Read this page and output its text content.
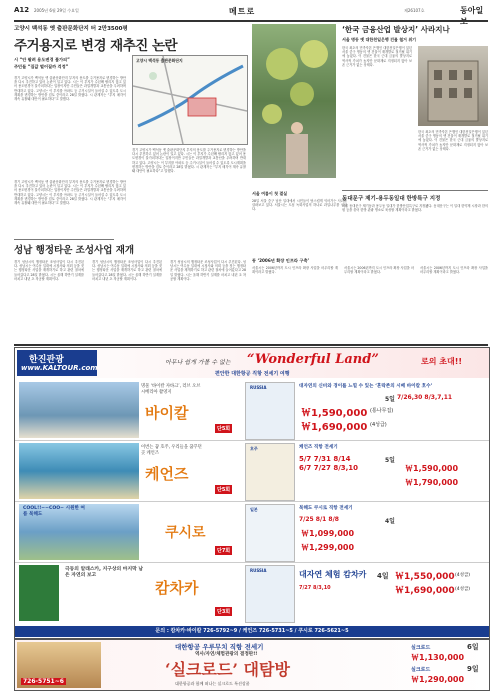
A12 2005년 6월 29일 수요일	메트로	제26107호	동아일
고양시 백석동 옛 출판문화단지 터 2만3500평
주거용지로 변경 재추진 논란
시 “안 팔려 용도변경 불가피”
주민들 “집값 떨어질까 걱정”
고양시 백석동 출판문화단지
경기 고양시가 백석동 옛 출판문화단지 부지의 용도를 주거용지로 변경하는 방안을 다시 추진하고 있어 논란이 일고 있다. 시는 이 부지가 수년째 팔리지 않고 있어 용도변경이 불가피하다는 입장이지만 주민들은 과밀개발과 교통난을 우려하며 반대하고 있다. 고양시는 이 부지를 아파트 등 주거시설이 들어설 수 있도록 도시계획을 변경하는 방안을 검토 중이라고 28일 밝혔다. 시 관계자는 “부지 매각이 계속 유찰돼 대안이 필요하다”고 말했다.
경기 고양시가 백석동 옛 출판문화단지 부지의 용도를 주거용지로 변경하는 방안을 다시 추진하고 있어 논란이 일고 있다. 시는 이 부지가 수년째 팔리지 않고 있어 용도변경이 불가피하다는 입장이지만 주민들은 과밀개발과 교통난을 우려하며 반대하고 있다. 고양시는 이 부지를 아파트 등 주거시설이 들어설 수 있도록 도시계획을 변경하는 방안을 검토 중이라고 28일 밝혔다. 시 관계자는 “부지 매각이 계속 유찰돼 대안이 필요하다”고 말했다.
경기 고양시가 백석동 옛 출판문화단지 부지의 용도를 주거용지로 변경하는 방안을 다시 추진하고 있어 논란이 일고 있다. 시는 이 부지가 수년째 팔리지 않고 있어 용도변경이 불가피하다는 입장이지만 주민들은 과밀개발과 교통난을 우려하며 반대하고 있다. 고양시는 이 부지를 아파트 등 주거시설이 들어설 수 있도록 도시계획을 변경하는 방안을 검토 중이라고 28일 밝혔다. 시 관계자는 “부지 매각이 계속 유찰돼 대안이 필요하다”고 말했다.
성남 행정타운 조성사업 재개
경기 성남시의 행정타운 조성사업이 다시 추진된다. 성남시는 여수동 일대에 시청사와 의회 등을 짓는 행정타운 사업을 재개하기로 하고 관련 절차에 들어갔다고 28일 밝혔다. 시는 올해 하반기 설계를 마치고 내년 초 착공할 계획이다.
경기 성남시의 행정타운 조성사업이 다시 추진된다. 성남시는 여수동 일대에 시청사와 의회 등을 짓는 행정타운 사업을 재개하기로 하고 관련 절차에 들어갔다고 28일 밝혔다. 시는 올해 하반기 설계를 마치고 내년 초 착공할 계획이다.
경기 성남시의 행정타운 조성사업이 다시 추진된다. 성남시는 여수동 일대에 시청사와 의회 등을 짓는 행정타운 사업을 재개하기로 하고 관련 절차에 들어갔다고 28일 밝혔다. 시는 올해 하반기 설계를 마치고 내년 초 착공할 계획이다.
서울 여름이 첫 결실
28일 서울 중구 남산 일대에서 시민들이 탐스럽게 익어가는 사과를 살펴보고 있다. 서울시는 도심 녹화사업의 하나로 과일나무를 심었다.
‘한국 금융산업 발상지’ 사라지나
서울 명동 옛 대한천일은행 건물 철거 위기
한국 최초의 민족자본 은행인 대한천일은행이 있던 서울 중구 명동의 옛 건물이 재개발로 철거될 위기에 놓였다. 이 건물은 한국 근대 금융의 발상지로 역사적 가치가 높지만 문화재로 지정되지 않아 보존 근거가 없는 상태다.
한국 최초의 민족자본 은행인 대한천일은행이 있던 서울 중구 명동의 옛 건물이 재개발로 철거될 위기에 놓였다. 이 건물은 한국 근대 금융의 발상지로 역사적 가치가 높지만 문화재로 지정되지 않아 보존 근거가 없는 상태다.
동대문구 제기-용두동일대 한방특구 지정
서울 동대문구 제기동과 용두동 일대가 한방산업특구로 지정됐다. 동대문구는 이 일대 한약재 시장과 한의원 등을 묶어 한방 관광 명소로 육성할 계획이라고 밝혔다.
동 ‘2006년 확장 인프라 구축’
서울시는 2006년까지 도시 인프라 확장 사업을 마무리할 계획이라고 밝혔다.
서울시는 2006년까지 도시 인프라 확장 사업을 마무리할 계획이라고 밝혔다.
서울시는 2006년까지 도시 인프라 확장 사업을 마무리할 계획이라고 밝혔다.
한진관광
www.KALTOUR.com
아무나 쉽게 가볼 수 없는 “Wonderful Land”	로의 초대!!
편안한 대한항공 직항 전세기 여행
명물 ‘바이칼 자바크’, 러브 오브 시베리아 촬영지
바이칼
단5회
RUSSIA	대자연의 신비와 경이를 느낄 수 있는 ‘혼락존의 시베 바이칼 호수’
7/26,30 8/3,7,11
5일
￦1,590,000 (통나무집)
￦1,690,000 (4성급)
이번는 꿈 호주, 우리들을 꿈꾸던 곳 케언즈
케언즈
단5회
호주	케언즈 직항 전세기
5/7 7/31 8/14 6/7 7/27 8/3,10
5일
￦1,590,000
￦1,790,000
COOL!!~~COO~ 시원한 여름 북해도
쿠시로
단7회
일본	북해도 쿠시로 직항 전세기
7/25 8/1 8/8	4일
￦1,099,000
￦1,299,000
극동의 알래스카, 지구상의 마지막 남은 자연의 보고
캄차카
단3회
RUSSIA	대자연 체험 캄차카
7/27 8/3,10
4일 ￦1,550,000 (4성급)
￦1,690,000 (4성급)
문의 : 캄차카·바이칼 726-5792~9 / 케언즈 726-5731~5 / 쿠시로 726-5621~5
726-5751~6
대한항공 우루무치 직항 전세기
역사/자연/체험관광의 결정판!!
‘실크로드’ 대탐방
대한항공과 함께 떠나는 실크로드 특선상품
실크로드	6일
￦1,130,000
실크로드	9일
￦1,290,000
